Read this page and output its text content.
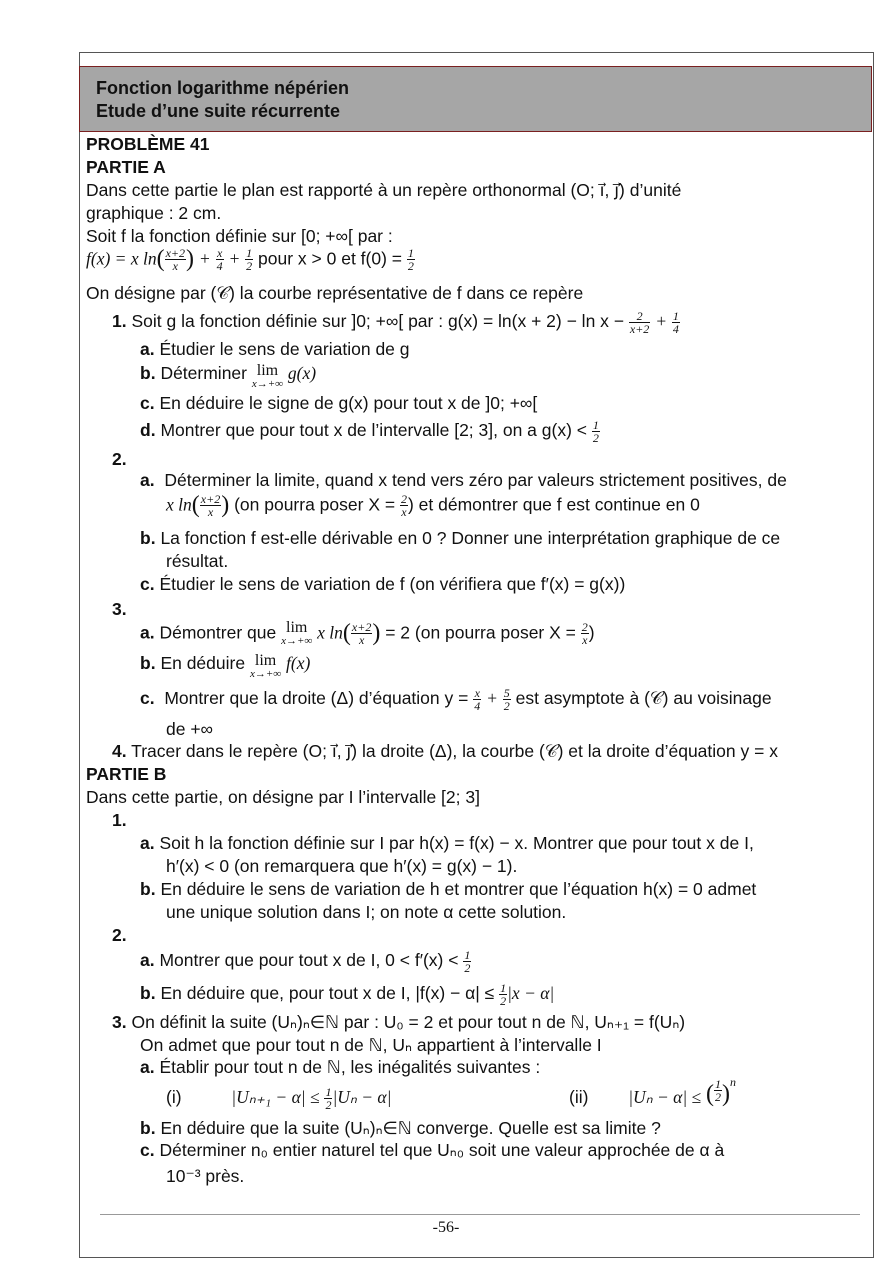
Fonction logarithme népérien
Etude d’une suite récurrente
PROBLÈME 41
PARTIE A
Dans cette partie le plan est rapporté à un repère orthonormal (O; i⃗, j⃗) d’unité
graphique : 2 cm.
Soit f la fonction définie sur [0; +∞[ par :
f(x) = x $\ln( \frac{x+2}{x}$ ) + $\frac{x}{4} + \frac{1}{2}$ pour x > 0 et $f(0) = \frac{1}{2}$
On désigne par (𝒞) la courbe représentative de f dans ce repère
1. Soit g la fonction définie sur ]0; +∞[ par : $g(x) = \ln(x + 2) - \ln x - \frac{2}{x+2} + \frac{1}{4}$
a. Étudier le sens de variation de g
b. Déterminer lim
x→+∞
g(x)
c. En déduire le signe de g(x) pour tout x de ]0; +∞[
d. Montrer que pour tout x de l’intervalle [2; 3], on a $g(x) < \frac{1}{2}$
2.
a. Déterminer la limite, quand x tend vers zéro par valeurs strictement positives, de
x $\ln( \frac{x+2}{x}$ ) (on pourra poser $X = \frac{2}{x}$ ) et démontrer que f est continue en 0
b. La fonction f est-elle dérivable en 0 ? Donner une interprétation graphique de ce
résultat.
c. Étudier le sens de variation de f (on vérifiera que f′(x) = g(x))
3.
a. Démontrer que lim
x→+∞ x $\ln( \frac{x+2}{x}$ ) = 2 (on pourra poser $X = \frac{2}{x}$ )
b. En déduire lim
x→+∞
f(x)
c. Montrer que la droite (Δ) d’équation $y = \frac{x}{4} + \frac{5}{2}$ est asymptote à (𝒞) au voisinage
de +∞
4. Tracer dans le repère (O; i⃗, j⃗) la droite (Δ), la courbe (𝒞) et la droite d’équation y = x
PARTIE B
Dans cette partie, on désigne par I l’intervalle [2; 3]
1.
a. Soit h la fonction définie sur I par h(x) = f(x) − x. Montrer que pour tout x de I,
h′(x) < 0 (on remarquera que h′(x) = g(x) − 1).
b. En déduire le sens de variation de h et montrer que l’équation h(x) = 0 admet
une unique solution dans I; on note α cette solution.
2.
a. Montrer que pour tout x de I, $0 < f'(x) < \frac{1}{2}$
b. En déduire que, pour tout x de I, $|f(x) - \alpha| \le \frac{1}{2} |x - \alpha|$
3. On définit la suite (Uₙ)ₙ∈ℕ par : U₀ = 2 et pour tout n de ℕ, Uₙ₊₁ = f(Uₙ)
On admet que pour tout n de ℕ, Uₙ appartient à l’intervalle I
a. Établir pour tout n de ℕ, les inégalités suivantes :
(i)	$|U_{n+1} - \alpha| \le \frac{1}{2} |U_n - \alpha|$	(ii) |Uₙ − α| ≤ ( $\frac{1}{2} )^n$
b. En déduire que la suite (Uₙ)ₙ∈ℕ converge. Quelle est sa limite ?
c. Déterminer n₀ entier naturel tel que Uₙ₀ soit une valeur approchée de α à
10⁻³ près.
-56-
